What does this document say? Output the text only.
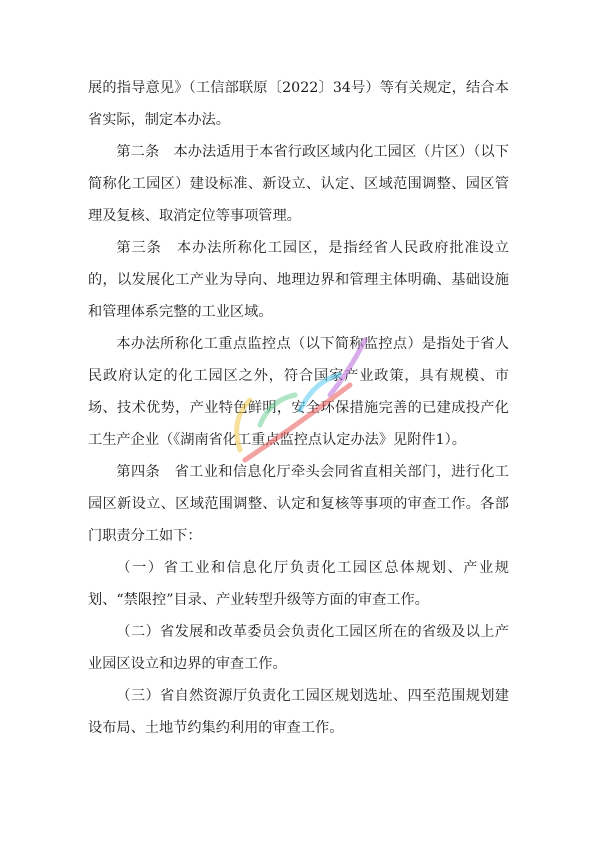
展的指导意见》（工信部联原〔2022〕34号）等有关规定，结合本省实际，制定本办法。

第二条　本办法适用于本省行政区域内化工园区（片区）（以下简称化工园区）建设标准、新设立、认定、区域范围调整、园区管理及复核、取消定位等事项管理。

第三条　本办法所称化工园区，是指经省人民政府批准设立的，以发展化工产业为导向、地理边界和管理主体明确、基础设施和管理体系完整的工业区域。

本办法所称化工重点监控点（以下简称监控点）是指处于省人民政府认定的化工园区之外，符合国家产业政策，具有规模、市场、技术优势，产业特色鲜明，安全环保措施完善的已建成投产化工生产企业（《湖南省化工重点监控点认定办法》见附件1）。

第四条　省工业和信息化厅牵头会同省直相关部门，进行化工园区新设立、区域范围调整、认定和复核等事项的审查工作。各部门职责分工如下：

（一）省工业和信息化厅负责化工园区总体规划、产业规划、“禁限控”目录、产业转型升级等方面的审查工作。

（二）省发展和改革委员会负责化工园区所在的省级及以上产业园区设立和边界的审查工作。

（三）省自然资源厅负责化工园区规划选址、四至范围规划建设布局、土地节约集约利用的审查工作。
